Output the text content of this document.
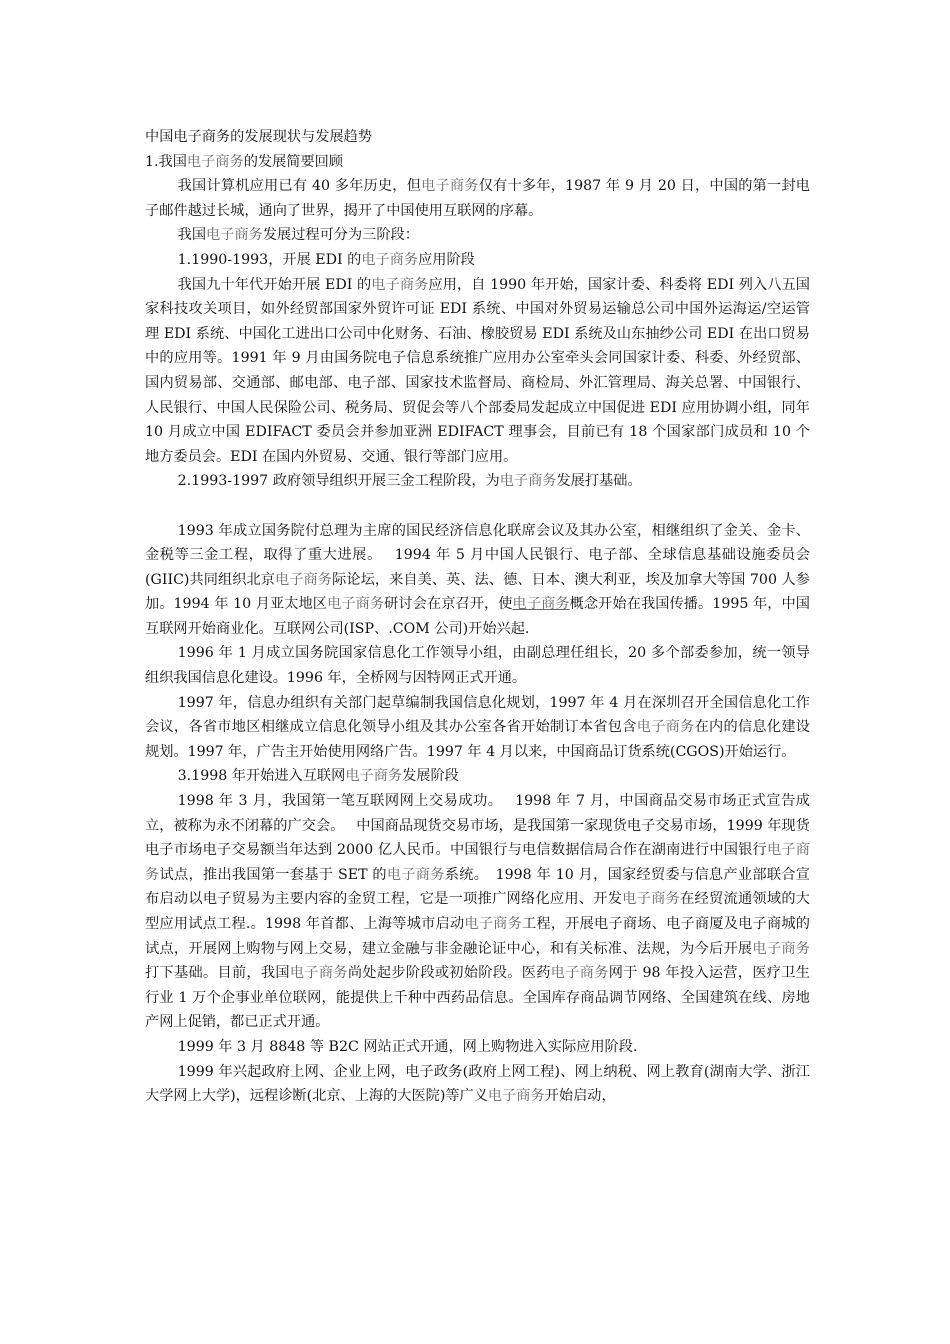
中国电子商务的发展现状与发展趋势

1.我国电子商务的发展简要回顾

我国计算机应用已有 40 多年历史，但电子商务仅有十多年，1987 年 9 月 20 日，中国的第一封电子邮件越过长城，通向了世界，揭开了中国使用互联网的序幕。

我国电子商务发展过程可分为三阶段：

1.1990-1993，开展 EDI 的电子商务应用阶段

我国九十年代开始开展 EDI 的电子商务应用，自 1990 年开始，国家计委、科委将 EDI 列入八五国家科技攻关项目，如外经贸部国家外贸许可证 EDI 系统、中国对外贸易运输总公司中国外运海运/空运管理 EDI 系统、中国化工进出口公司中化财务、石油、橡胶贸易 EDI 系统及山东抽纱公司 EDI 在出口贸易中的应用等。1991 年 9 月由国务院电子信息系统推广应用办公室牵头会同国家计委、科委、外经贸部、国内贸易部、交通部、邮电部、电子部、国家技术监督局、商检局、外汇管理局、海关总署、中国银行、人民银行、中国人民保险公司、税务局、贸促会等八个部委局发起成立中国促进 EDI 应用协调小组，同年 10 月成立中国 EDIFACT 委员会并参加亚洲 EDIFACT 理事会，目前已有 18 个国家部门成员和 10 个地方委员会。EDI 在国内外贸易、交通、银行等部门应用。

2.1993-1997 政府领导组织开展三金工程阶段，为电子商务发展打基础。

1993 年成立国务院付总理为主席的国民经济信息化联席会议及其办公室，相继组织了金关、金卡、金税等三金工程，取得了重大进展。　 1994 年 5 月中国人民银行、电子部、全球信息基础设施委员会(GIIC)共同组织北京电子商务际论坛，来自美、英、法、德、日本、澳大利亚，埃及加拿大等国 700 人参加。1994 年 10 月亚太地区电子商务研讨会在京召开，使电子商务概念开始在我国传播。1995 年，中国互联网开始商业化。互联网公司(ISP、.COM 公司)开始兴起.

1996 年 1 月成立国务院国家信息化工作领导小组，由副总理任组长，20 多个部委参加，统一领导组织我国信息化建设。1996 年，全桥网与因特网正式开通。

1997 年，信息办组织有关部门起草编制我国信息化规划，1997 年 4 月在深圳召开全国信息化工作会议，各省市地区相继成立信息化领导小组及其办公室各省开始制订本省包含电子商务在内的信息化建设规划。1997 年，广告主开始使用网络广告。1997 年 4 月以来，中国商品订货系统(CGOS)开始运行。

3.1998 年开始进入互联网电子商务发展阶段

1998 年 3 月，我国第一笔互联网网上交易成功。　 1998 年 7 月，中国商品交易市场正式宣告成立，被称为永不闭幕的广交会。　 中国商品现货交易市场，是我国第一家现货电子交易市场，1999 年现货电子市场电子交易额当年达到 2000 亿人民币。中国银行与电信数据信局合作在湖南进行中国银行电子商务试点，推出我国第一套基于 SET 的电子商务系统。　1998 年 10 月，国家经贸委与信息产业部联合宣布启动以电子贸易为主要内容的金贸工程，它是一项推广网络化应用、开发电子商务在经贸流通领域的大型应用试点工程.。1998 年首都、上海等城市启动电子商务工程，开展电子商场、电子商厦及电子商城的试点，开展网上购物与网上交易，建立金融与非金融论证中心，和有关标准、法规，为今后开展电子商务打下基础。目前，我国电子商务尚处起步阶段或初始阶段。医药电子商务网于 98 年投入运营，医疗卫生行业 1 万个企事业单位联网，能提供上千种中西药品信息。全国库存商品调节网络、全国建筑在线、房地产网上促销，都已正式开通。

1999 年 3 月 8848 等 B2C 网站正式开通，网上购物进入实际应用阶段.

1999 年兴起政府上网、企业上网，电子政务(政府上网工程)、网上纳税、网上教育(湖南大学、浙江大学网上大学)，远程诊断(北京、上海的大医院)等广义电子商务开始启动，
